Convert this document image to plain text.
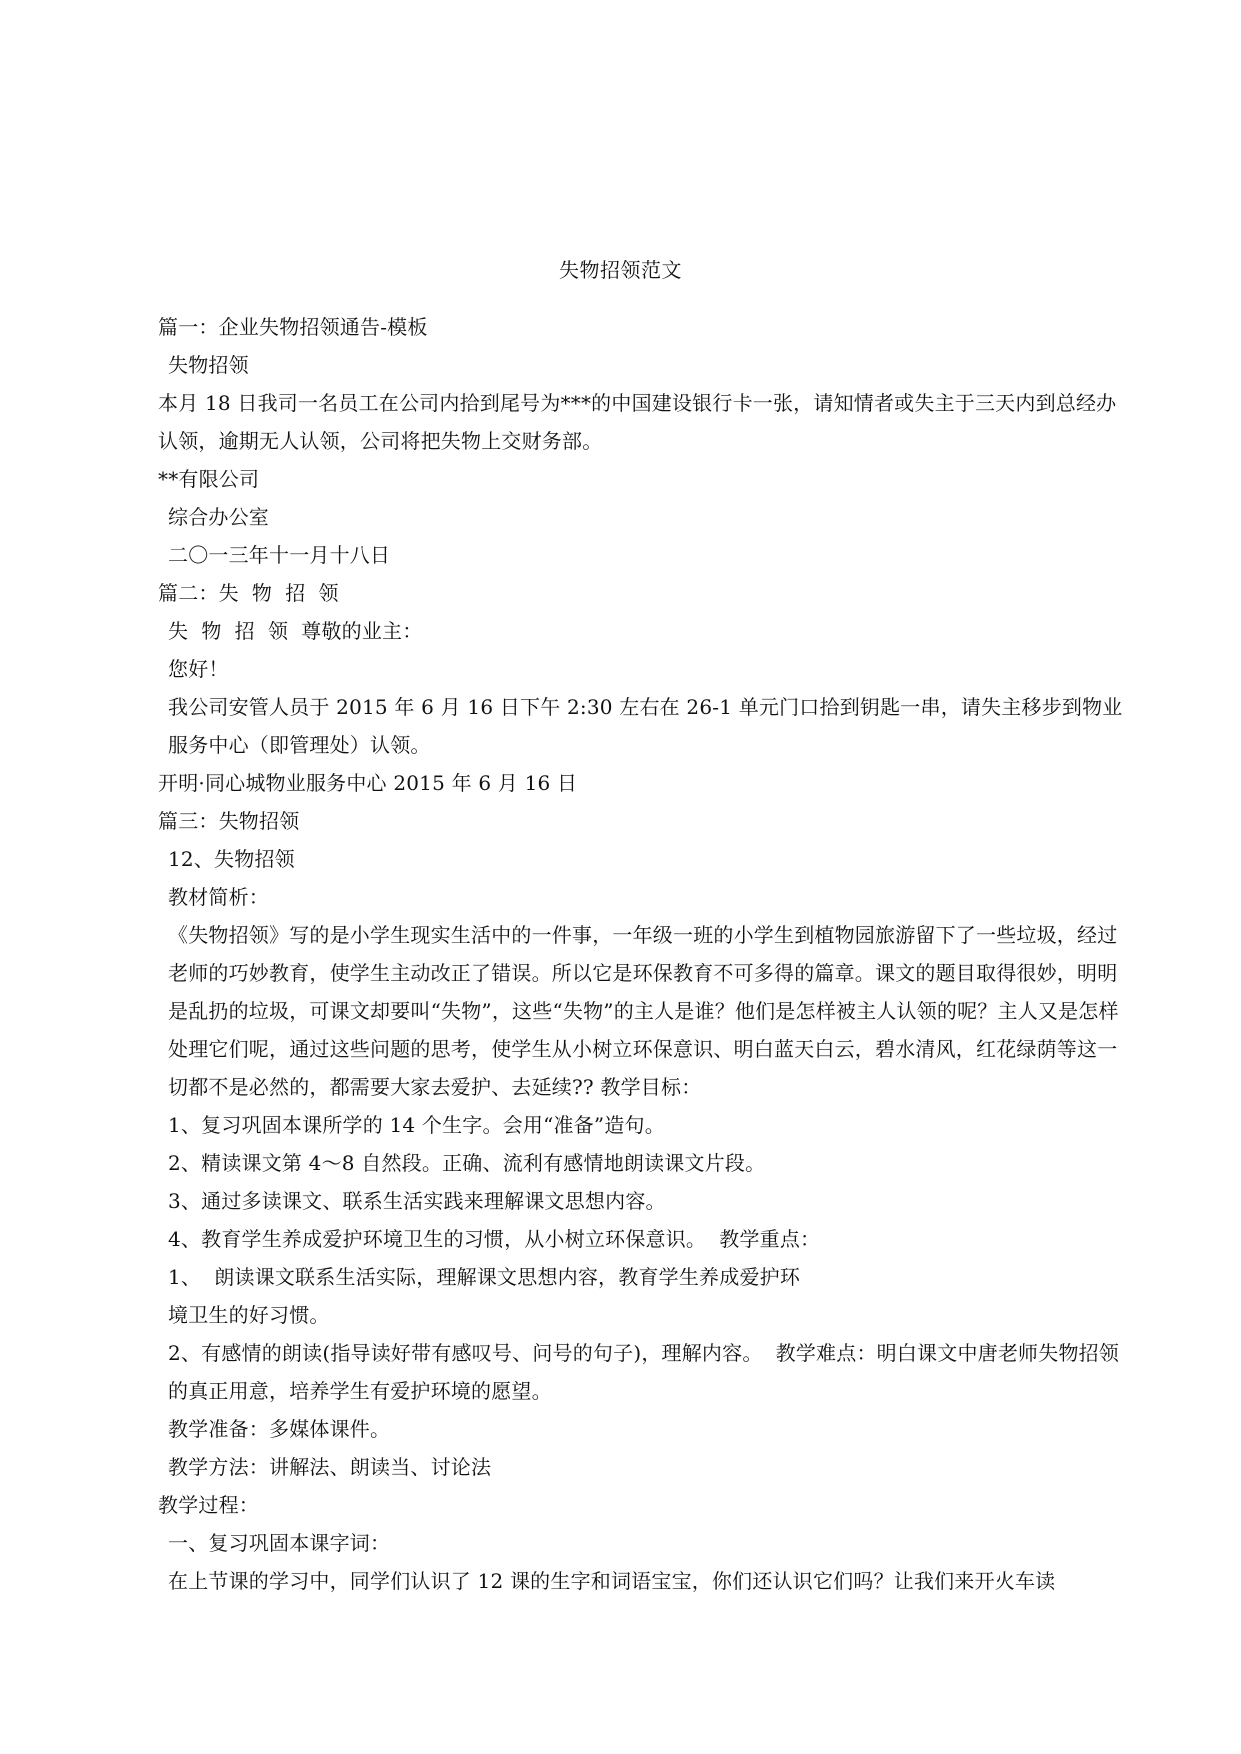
失物招领范文

篇一：企业失物招领通告-模板

失物招领

本月 18 日我司一名员工在公司内拾到尾号为***的中国建设银行卡一张，请知情者或失主于三天内到总经办认领，逾期无人认领，公司将把失物上交财务部。

**有限公司

综合办公室

二〇一三年十一月十八日

篇二：失  物  招  领

失  物  招  领  尊敬的业主：

您好！

我公司安管人员于 2015 年 6 月 16 日下午 2:30 左右在 26-1 单元门口拾到钥匙一串，请失主移步到物业服务中心（即管理处）认领。

开明·同心城物业服务中心 2015 年 6 月 16 日

篇三：失物招领

12、失物招领

教材简析：

《失物招领》写的是小学生现实生活中的一件事，一年级一班的小学生到植物园旅游留下了一些垃圾，经过老师的巧妙教育，使学生主动改正了错误。所以它是环保教育不可多得的篇章。课文的题目取得很妙，明明是乱扔的垃圾，可课文却要叫“失物”，这些“失物”的主人是谁？他们是怎样被主人认领的呢？主人又是怎样处理它们呢，通过这些问题的思考，使学生从小树立环保意识、明白蓝天白云，碧水清风，红花绿荫等这一切都不是必然的，都需要大家去爱护、去延续?? 教学目标：

1、复习巩固本课所学的 14 个生字。会用“准备”造句。

2、精读课文第 4～8 自然段。正确、流利有感情地朗读课文片段。

3、通过多读课文、联系生活实践来理解课文思想内容。

4、教育学生养成爱护环境卫生的习惯，从小树立环保意识。  教学重点：

1、  朗读课文联系生活实际，理解课文思想内容，教育学生养成爱护环

境卫生的好习惯。

2、有感情的朗读(指导读好带有感叹号、问号的句子)，理解内容。  教学难点：明白课文中唐老师失物招领的真正用意，培养学生有爱护环境的愿望。

教学准备：多媒体课件。

教学方法：讲解法、朗读当、讨论法

教学过程：

一、复习巩固本课字词：

在上节课的学习中，同学们认识了 12 课的生字和词语宝宝，你们还认识它们吗？让我们来开火车读
